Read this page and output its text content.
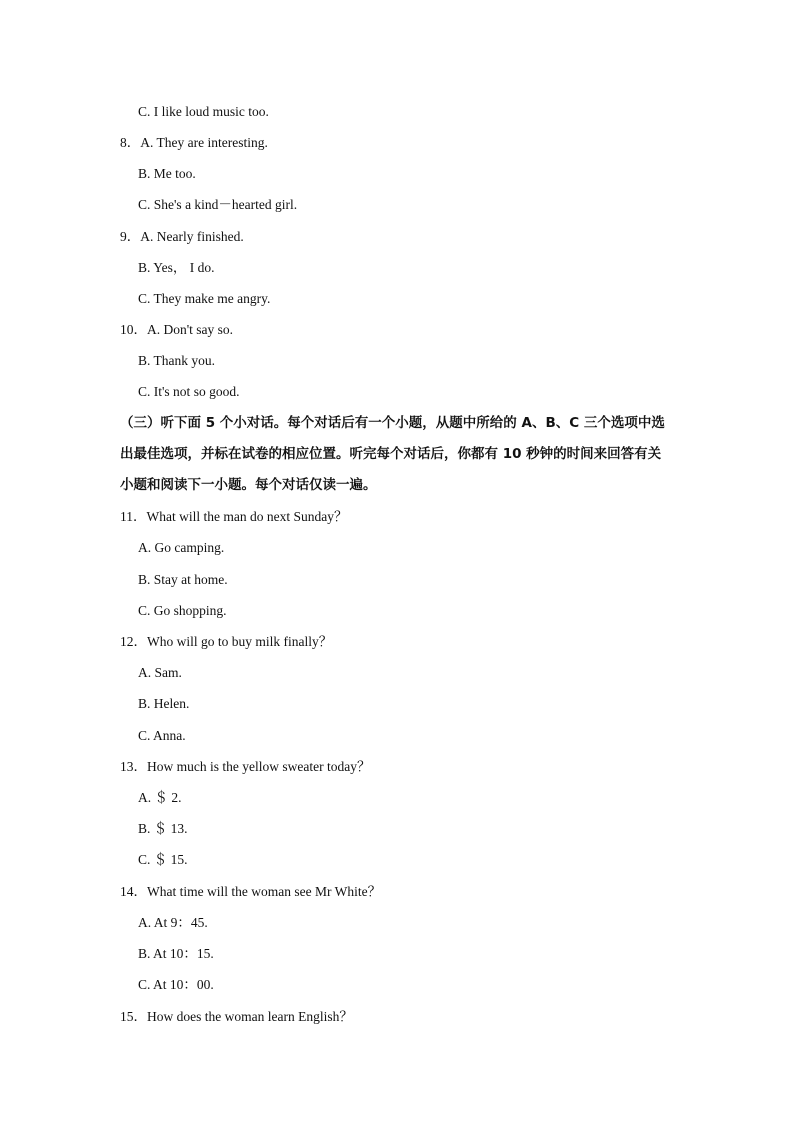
C. I like loud music too.
8．A. They are interesting.
B. Me too.
C. She's a kind－hearted girl.
9．A. Nearly finished.
B. Yes， I do.
C. They make me angry.
10．A. Don't say so.
B. Thank you.
C. It's not so good.
（三）听下面 5 个小对话。每个对话后有一个小题，从题中所给的 A、B、C 三个选项中选
出最佳选项，并标在试卷的相应位置。听完每个对话后，你都有 10 秒钟的时间来回答有关
小题和阅读下一小题。每个对话仅读一遍。
11．What will the man do next Sunday？
A. Go camping.
B. Stay at home.
C. Go shopping.
12．Who will go to buy milk finally？
A. Sam.
B. Helen.
C. Anna.
13．How much is the yellow sweater today？
A. ＄ 2.
B. ＄ 13.
C. ＄ 15.
14．What time will the woman see Mr White？
A. At 9：45.
B. At 10：15.
C. At 10：00.
15．How does the woman learn English？
